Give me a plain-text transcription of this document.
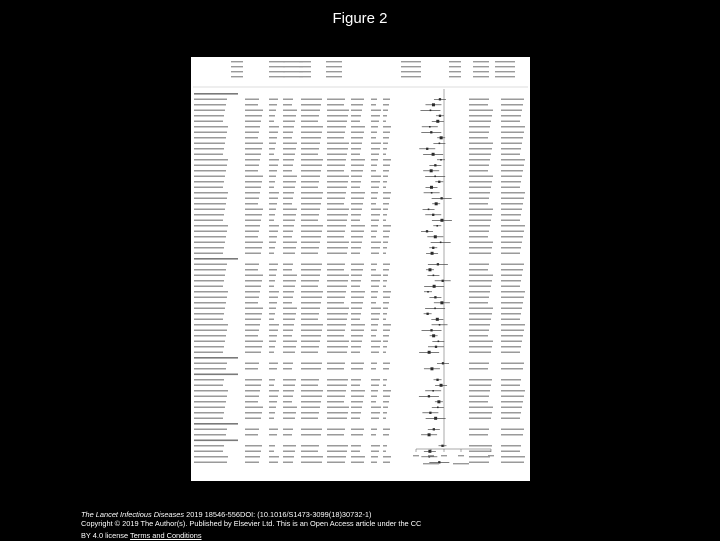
Figure 2
The Lancet Infectious Diseases 2019 18546-556DOI: (10.1016/S1473-3099(18)30732-1)
Copyright © 2019 The Author(s). Published by Elsevier Ltd. This is an Open Access article under the CC
BY 4.0 license Terms and Conditions
